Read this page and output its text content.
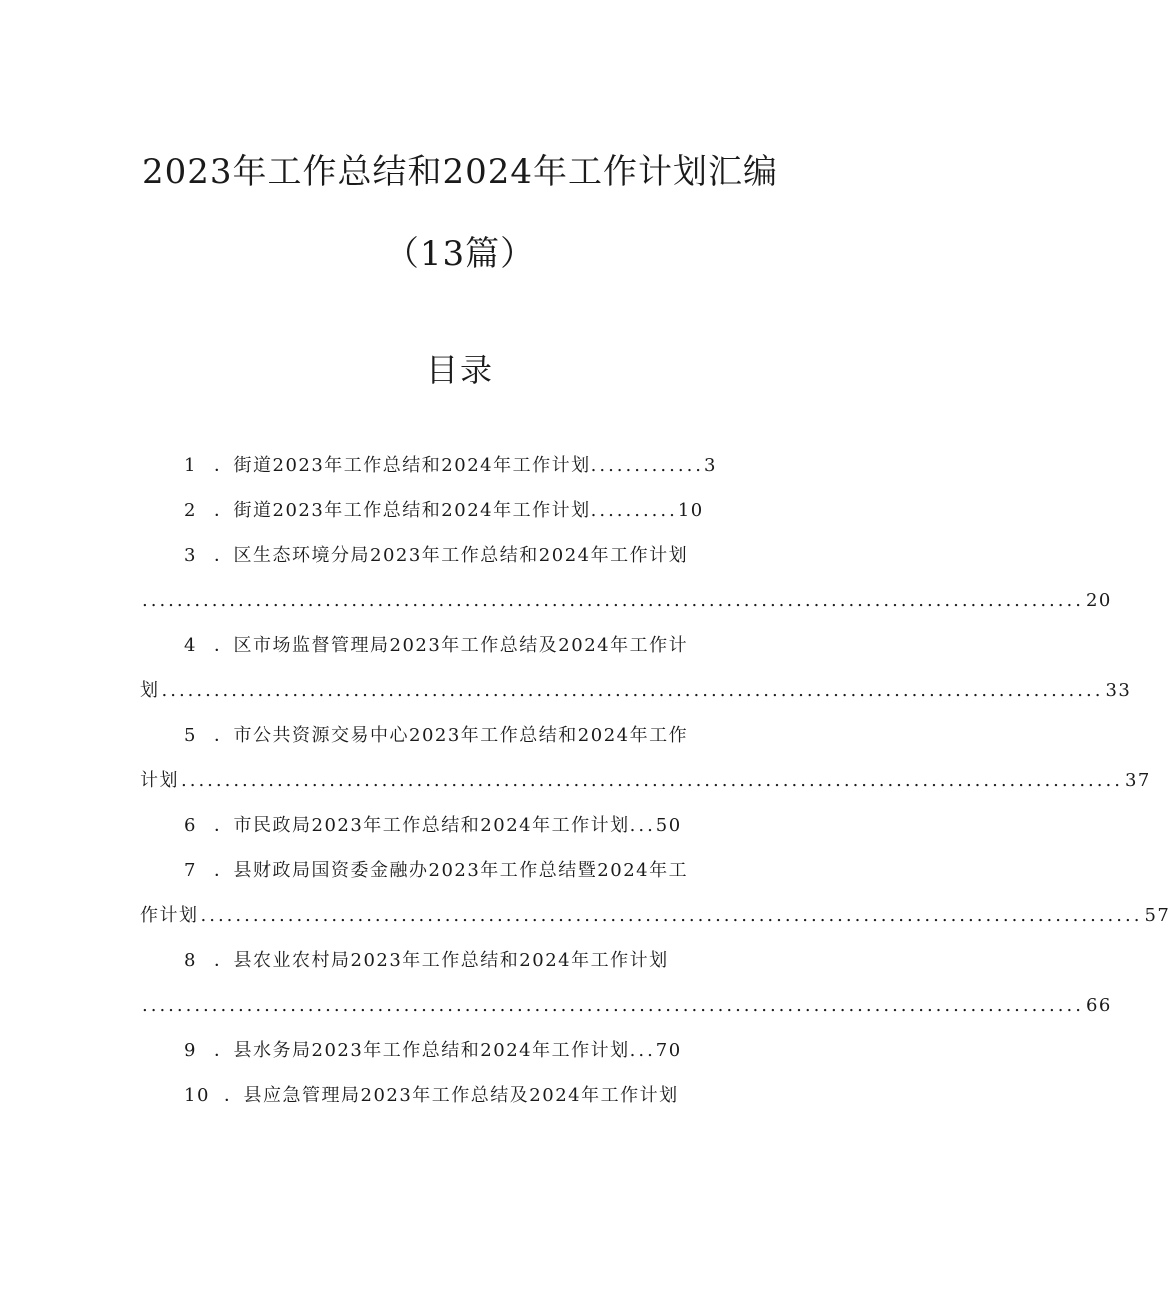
2023年工作总结和2024年工作计划汇编
（13篇）
目录
1 ．街道2023年工作总结和2024年工作计划.............3
2 ．街道2023年工作总结和2024年工作计划..........10
3 ．区生态环境分局2023年工作总结和2024年工作计划
............................................................................................................ 20
4 ．区市场监督管理局2023年工作总结及2024年工作计
划 ............................................................................................................ 33
5 ．市公共资源交易中心2023年工作总结和2024年工作
计划 ............................................................................................................ 37
6 ．市民政局2023年工作总结和2024年工作计划...50
7 ．县财政局国资委金融办2023年工作总结暨2024年工
作计划 ............................................................................................................ 57
8 ．县农业农村局2023年工作总结和2024年工作计划
............................................................................................................ 66
9 ．县水务局2023年工作总结和2024年工作计划...70
10 ．县应急管理局2023年工作总结及2024年工作计划
